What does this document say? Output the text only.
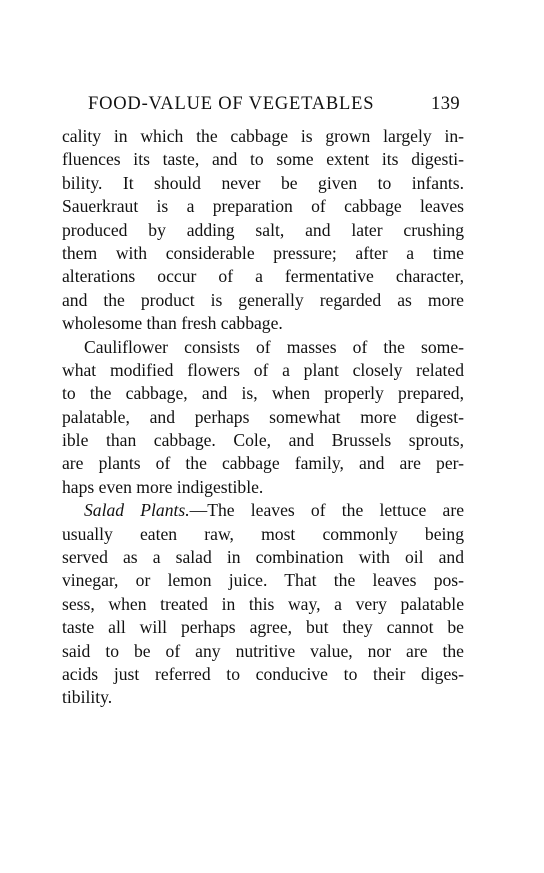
FOOD-VALUE OF VEGETABLES	139
cality in which the cabbage is grown largely in-
fluences its taste, and to some extent its digesti-
bility. It should never be given to infants.
Sauerkraut is a preparation of cabbage leaves
produced by adding salt, and later crushing
them with considerable pressure; after a time
alterations occur of a fermentative character,
and the product is generally regarded as more
wholesome than fresh cabbage.
Cauliflower consists of masses of the some-
what modified flowers of a plant closely related
to the cabbage, and is, when properly prepared,
palatable, and perhaps somewhat more digest-
ible than cabbage. Cole, and Brussels sprouts,
are plants of the cabbage family, and are per-
haps even more indigestible.
Salad Plants.—The leaves of the lettuce are
usually eaten raw, most commonly being
served as a salad in combination with oil and
vinegar, or lemon juice. That the leaves pos-
sess, when treated in this way, a very palatable
taste all will perhaps agree, but they cannot be
said to be of any nutritive value, nor are the
acids just referred to conducive to their diges-
tibility.
